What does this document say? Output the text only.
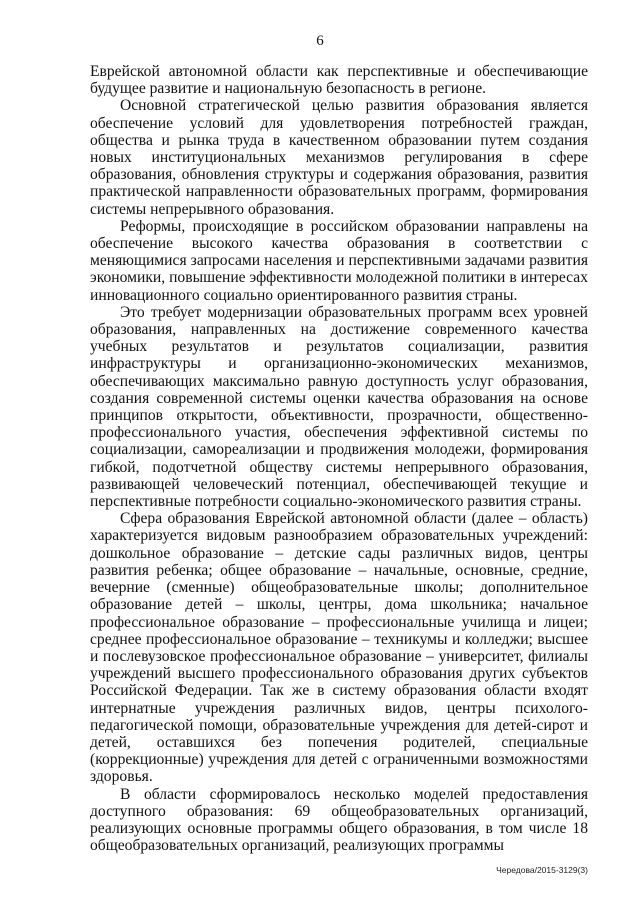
6

Еврейской автономной области как перспективные и обеспечивающие будущее развитие и национальную безопасность в регионе.

Основной стратегической целью развития образования является обеспечение условий для удовлетворения потребностей граждан, общества и рынка труда в качественном образовании путем создания новых институциональных механизмов регулирования в сфере образования, обновления структуры и содержания образования, развития практической направленности образовательных программ, формирования системы непрерывного образования.

Реформы, происходящие в российском образовании направлены на обеспечение высокого качества образования в соответствии с меняющимися запросами населения и перспективными задачами развития экономики, повышение эффективности молодежной политики в интересах инновационного социально ориентированного развития страны.

Это требует модернизации образовательных программ всех уровней образования, направленных на достижение современного качества учебных результатов и результатов социализации, развития инфраструктуры и организационно-экономических механизмов, обеспечивающих максимально равную доступность услуг образования, создания современной системы оценки качества образования на основе принципов открытости, объективности, прозрачности, общественно-профессионального участия, обеспечения эффективной системы по социализации, самореализации и продвижения молодежи, формирования гибкой, подотчетной обществу системы непрерывного образования, развивающей человеческий потенциал, обеспечивающей текущие и перспективные потребности социально-экономического развития страны.

Сфера образования Еврейской автономной области (далее – область) характеризуется видовым разнообразием образовательных учреждений: дошкольное образование – детские сады различных видов, центры развития ребенка; общее образование – начальные, основные, средние, вечерние (сменные) общеобразовательные школы; дополнительное образование детей – школы, центры, дома школьника; начальное профессиональное образование – профессиональные училища и лицеи; среднее профессиональное образование – техникумы и колледжи; высшее и послевузовское профессиональное образование – университет, филиалы учреждений высшего профессионального образования других субъектов Российской Федерации. Так же в систему образования области входят интернатные учреждения различных видов, центры психолого-педагогической помощи, образовательные учреждения для детей-сирот и детей, оставшихся без попечения родителей, специальные (коррекционные) учреждения для детей с ограниченными возможностями здоровья.

В области сформировалось несколько моделей предоставления доступного образования: 69 общеобразовательных организаций, реализующих основные программы общего образования, в том числе 18 общеобразовательных организаций, реализующих программы

Чередова/2015-3129(3)
